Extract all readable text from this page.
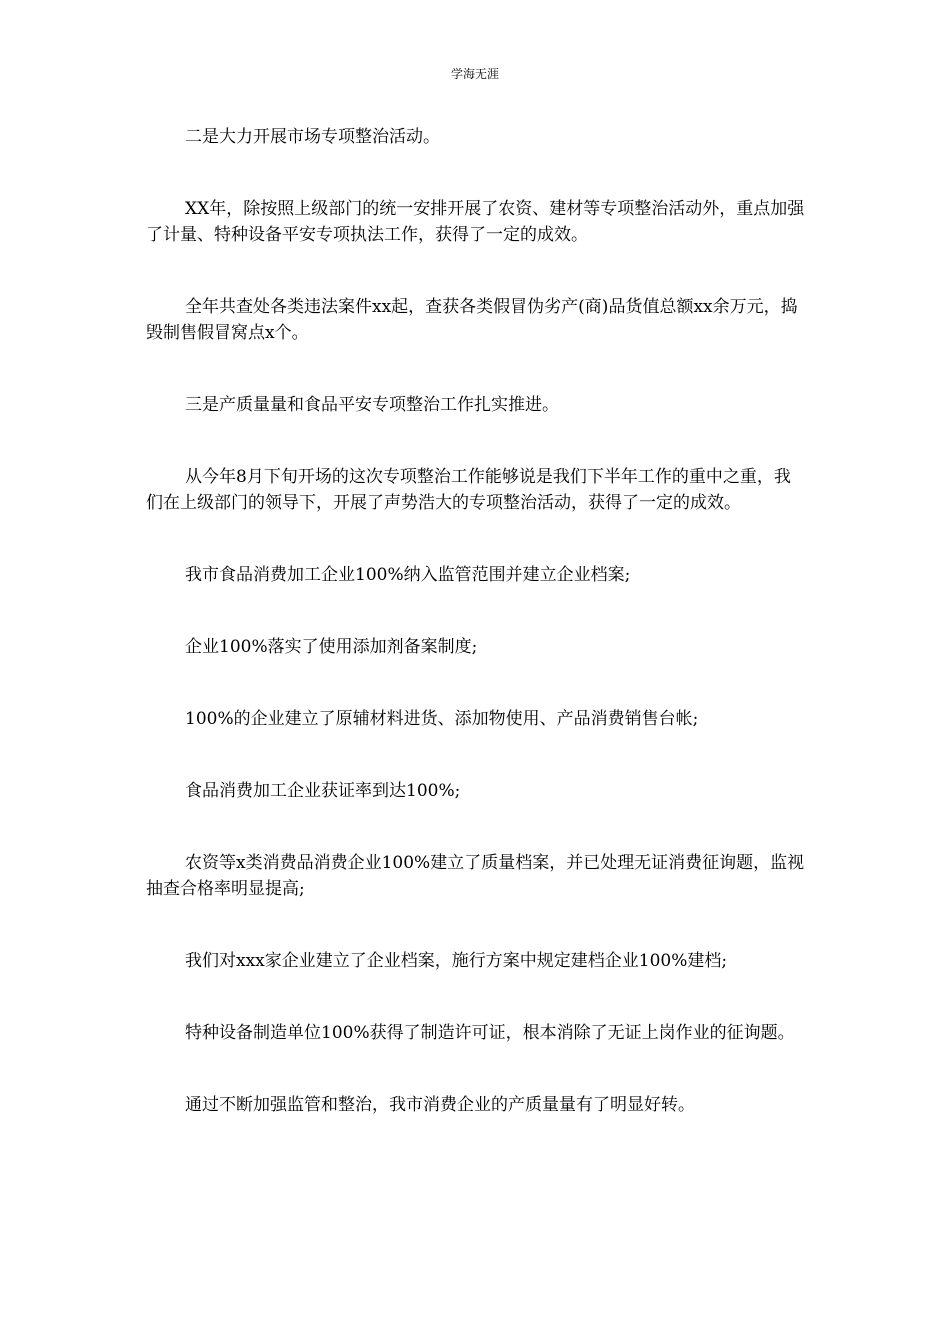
学海无涯

二是大力开展市场专项整治活动。

XX年，除按照上级部门的统一安排开展了农资、建材等专项整治活动外，重点加强了计量、特种设备平安专项执法工作，获得了一定的成效。

全年共查处各类违法案件xx起，查获各类假冒伪劣产(商)品货值总额xx余万元，捣毁制售假冒窝点x个。

三是产质量量和食品平安专项整治工作扎实推进。

从今年8月下旬开场的这次专项整治工作能够说是我们下半年工作的重中之重，我们在上级部门的领导下，开展了声势浩大的专项整治活动，获得了一定的成效。

我市食品消费加工企业100%纳入监管范围并建立企业档案;

企业100%落实了使用添加剂备案制度;

100%的企业建立了原辅材料进货、添加物使用、产品消费销售台帐;

食品消费加工企业获证率到达100%;

农资等x类消费品消费企业100%建立了质量档案，并已处理无证消费征询题，监视抽查合格率明显提高;

我们对xxx家企业建立了企业档案，施行方案中规定建档企业100%建档;

特种设备制造单位100%获得了制造许可证，根本消除了无证上岗作业的征询题。

通过不断加强监管和整治，我市消费企业的产质量量有了明显好转。
